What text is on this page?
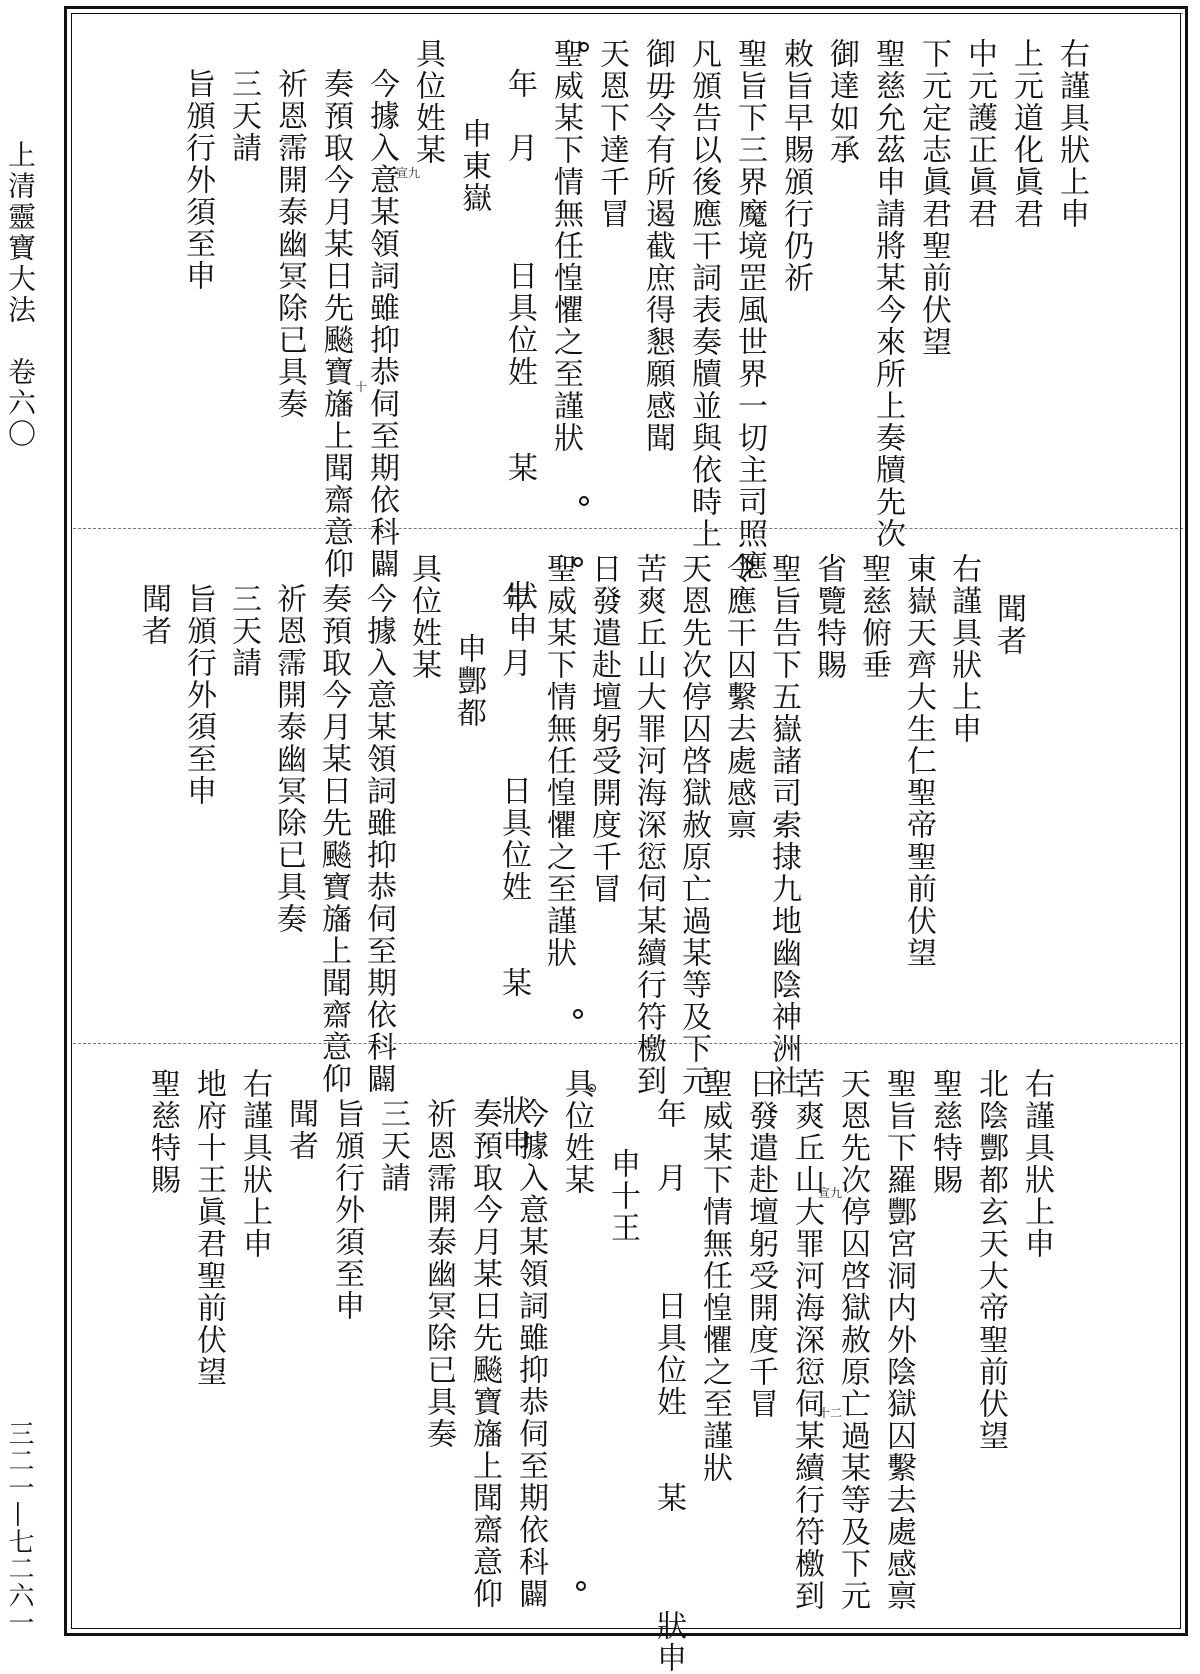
上清靈寶大法　卷六〇
三二一—七二六一
右謹具狀上申
上元道化眞君
中元護正眞君
下元定志眞君聖前伏望
聖慈允茲申請將某今來所上奏牘先次
御達如承
敕旨早賜頒行仍祈
聖旨下三界魔境罡風世界一切主司照應
凡頒告以後應干詞表奏牘並與依時上
御毋令有所遏截庶得懇願感聞
天恩下達千冒
聖威某下情無任惶懼之至謹狀
年　月　　　日具位姓　　某　　　狀申
申東嶽
具位姓某
今據入意某領詞雖抑恭伺至期依科闢
奏預取今月某日先飈寶旛上聞齋意仰
祈恩霈開泰幽冥除已具奏
三天請
旨頒行外須至申	宣九
十
聞者
右謹具狀上申
東嶽天齊大生仁聖帝聖前伏望
聖慈俯垂
省覽特賜
聖旨告下五嶽諸司索捸九地幽陰神洲社
令應干囚繫去處感禀
天恩先次停囚啓獄赦原亡過某等及下元
苦爽丘山大罪河海深愆伺某續行符檄到
日發遣赴壇躬受開度千冒
聖威某下情無任惶懼之至謹狀
年　月　　　日具位姓　　某　　　狀申
申酆都
具位姓某
今據入意某領詞雖抑恭伺至期依科闢
奏預取今月某日先飈寶旛上聞齋意仰
祈恩霈開泰幽冥除已具奏
三天請
旨頒行外須至申
聞者
右謹具狀上申
北陰酆都玄天大帝聖前伏望
聖慈特賜
聖旨下羅酆宮洞内外陰獄囚繫去處感禀
天恩先次停囚啓獄赦原亡過某等及下元
苦爽丘山大罪河海深愆伺某續行符檄到
日發遣赴壇躬受開度千冒
聖威某下情無任惶懼之至謹狀
年　月　　　日具位姓　　某　　　狀申
申十王
具位姓某
今據入意某領詞雖抑恭伺至期依科闢
奏預取今月某日先飈寶旛上聞齋意仰
祈恩霈開泰幽冥除已具奏
三天請
旨頒行外須至申
聞者
右謹具狀上申
地府十王眞君聖前伏望
聖慈特賜	宣九
十二
